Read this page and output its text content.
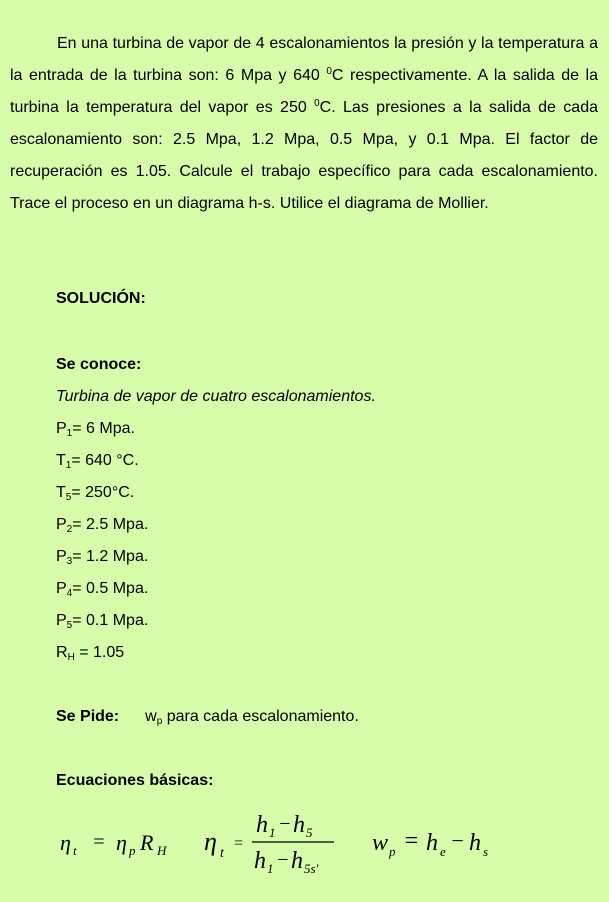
En una turbina de vapor de 4 escalonamientos la presión y la temperatura a la entrada de la turbina son: 6 Mpa y 640 $^0$C respectivamente. A la salida de la turbina la temperatura del vapor es 250 $^0$C. Las presiones a la salida de cada escalonamiento son: 2.5 Mpa, 1.2 Mpa, 0.5 Mpa, y 0.1 Mpa. El factor de recuperación es 1.05. Calcule el trabajo específico para cada escalonamiento. Trace el proceso en un diagrama h-s. Utilice el diagrama de Mollier.

SOLUCIÓN:
Se conoce:
Turbina de vapor de cuatro escalonamientos.
$P_1= 6$ Mpa.
$T_1= 640$ °C.
$T_5= 250^\circ C$.
$P_2= 2.5$ Mpa.
$P_3= 1.2$ Mpa.
$P_4= 0.5$ Mpa.
$P_5= 0.1$ Mpa.
$R_H = 1.05$
Se Pide: $w_p$ para cada escalonamiento.
Ecuaciones básicas:
η t = η p R H η t
=
h 1 − h 5
h 1 − h 5s′
w p = h e − h s
